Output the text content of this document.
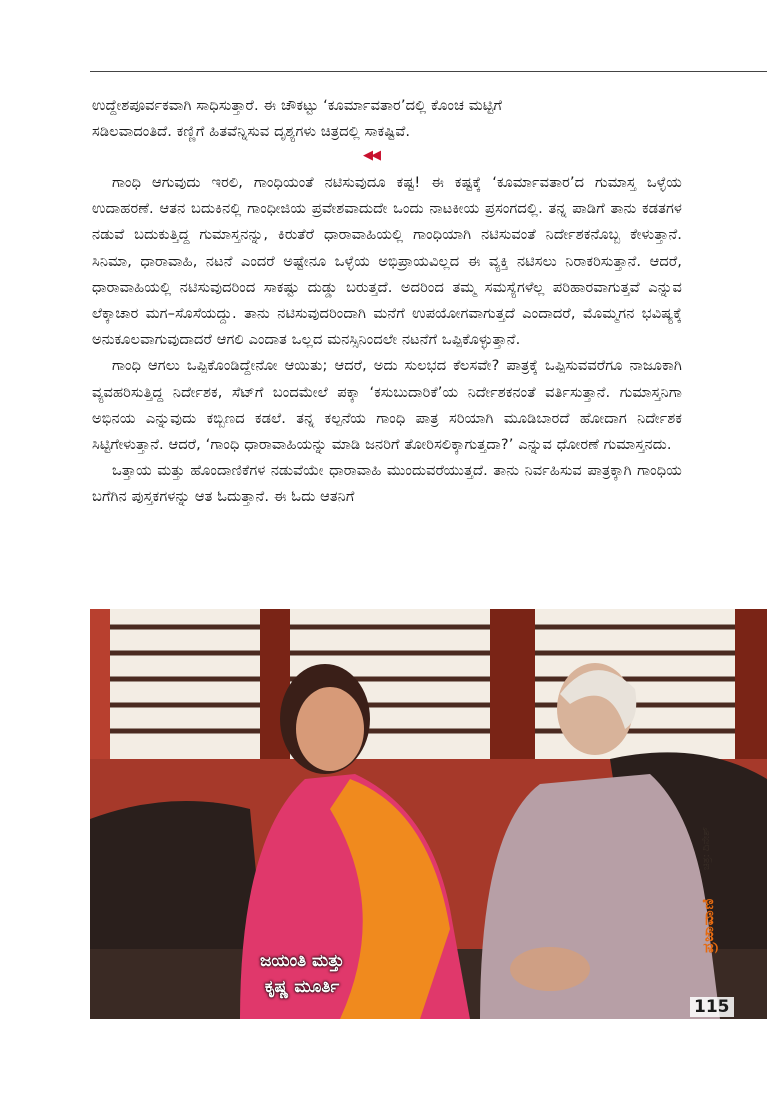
ಉದ್ದೇಶಪೂರ್ವಕವಾಗಿ ಸಾಧಿಸುತ್ತಾರೆ. ಈ ಚೌಕಟ್ಟು ‘ಕೂರ್ಮಾವತಾರ’ದಲ್ಲಿ ಕೊಂಚ ಮಟ್ಟಿಗೆ

ಸಡಿಲವಾದಂತಿದೆ. ಕಣ್ಣಿಗೆ ಹಿತವೆನ್ನಿಸುವ ದೃಶ್ಯಗಳು ಚಿತ್ರದಲ್ಲಿ ಸಾಕಷ್ಟಿವೆ.

◀◀

ಗಾಂಧಿ ಆಗುವುದು ಇರಲಿ, ಗಾಂಧಿಯಂತೆ ನಟಿಸುವುದೂ ಕಷ್ಟ! ಈ ಕಷ್ಟಕ್ಕೆ ‘ಕೂರ್ಮಾವತಾರ’ದ ಗುಮಾಸ್ತ ಒಳ್ಳೆಯ ಉದಾಹರಣೆ. ಆತನ ಬದುಕಿನಲ್ಲಿ ಗಾಂಧೀಜಿಯ ಪ್ರವೇಶವಾದುದೇ ಒಂದು ನಾಟಕೀಯ ಪ್ರಸಂಗದಲ್ಲಿ. ತನ್ನ ಪಾಡಿಗೆ ತಾನು ಕಡತಗಳ ನಡುವೆ ಬದುಕುತ್ತಿದ್ದ ಗುಮಾಸ್ತನನ್ನು, ಕಿರುತೆರೆ ಧಾರಾವಾಹಿಯಲ್ಲಿ ಗಾಂಧಿಯಾಗಿ ನಟಿಸುವಂತೆ ನಿರ್ದೇಶಕನೊಬ್ಬ ಕೇಳುತ್ತಾನೆ. ಸಿನಿಮಾ, ಧಾರಾವಾಹಿ, ನಟನೆ ಎಂದರೆ ಅಷ್ಟೇನೂ ಒಳ್ಳೆಯ ಅಭಿಪ್ರಾಯವಿಲ್ಲದ ಈ ವ್ಯಕ್ತಿ ನಟಿಸಲು ನಿರಾಕರಿಸುತ್ತಾನೆ. ಆದರೆ, ಧಾರಾವಾಹಿಯಲ್ಲಿ ನಟಿಸುವುದರಿಂದ ಸಾಕಷ್ಟು ದುಡ್ಡು ಬರುತ್ತದೆ. ಅದರಿಂದ ತಮ್ಮ ಸಮಸ್ಯೆಗಳೆಲ್ಲ ಪರಿಹಾರವಾಗುತ್ತವೆ ಎನ್ನುವ ಲೆಕ್ಕಾಚಾರ ಮಗ–ಸೊಸೆಯದ್ದು. ತಾನು ನಟಿಸುವುದರಿಂದಾಗಿ ಮನೆಗೆ ಉಪಯೋಗವಾಗುತ್ತದೆ ಎಂದಾದರೆ, ಮೊಮ್ಮಗನ ಭವಿಷ್ಯಕ್ಕೆ ಅನುಕೂಲವಾಗುವುದಾದರೆ ಆಗಲಿ ಎಂದಾತ ಒಲ್ಲದ ಮನಸ್ಸಿನಿಂದಲೇ ನಟನೆಗೆ ಒಪ್ಪಿಕೊಳ್ಳುತ್ತಾನೆ.

ಗಾಂಧಿ ಆಗಲು ಒಪ್ಪಿಕೊಂಡಿದ್ದೇನೋ ಆಯಿತು; ಆದರೆ, ಅದು ಸುಲಭದ ಕೆಲಸವೇ? ಪಾತ್ರಕ್ಕೆ ಒಪ್ಪಿಸುವವರೆಗೂ ನಾಜೂಕಾಗಿ ವ್ಯವಹರಿಸುತ್ತಿದ್ದ ನಿರ್ದೇಶಕ, ಸೆಟ್‌ಗೆ ಬಂದಮೇಲೆ ಪಕ್ಕಾ ‘ಕಸುಬುದಾರಿಕೆ’ಯ ನಿರ್ದೇಶಕನಂತೆ ವರ್ತಿಸುತ್ತಾನೆ. ಗುಮಾಸ್ತನಿಗಾ ಅಭಿನಯ ಎನ್ನುವುದು ಕಬ್ಬಿಣದ ಕಡಲೆ. ತನ್ನ ಕಲ್ಪನೆಯ ಗಾಂಧಿ ಪಾತ್ರ ಸರಿಯಾಗಿ ಮೂಡಿಬಾರದೆ ಹೋದಾಗ ನಿರ್ದೇಶಕ ಸಿಟ್ಟಿಗೇಳುತ್ತಾನೆ. ಆದರೆ, ‘ಗಾಂಧಿ ಧಾರಾವಾಹಿಯನ್ನು ಮಾಡಿ ಜನರಿಗೆ ತೋರಿಸಲಿಕ್ಕಾಗುತ್ತದಾ?’ ಎನ್ನುವ ಧೋರಣೆ ಗುಮಾಸ್ತನದು.

ಒತ್ತಾಯ ಮತ್ತು ಹೊಂದಾಣಿಕೆಗಳ ನಡುವೆಯೇ ಧಾರಾವಾಹಿ ಮುಂದುವರೆಯುತ್ತದೆ. ತಾನು ನಿರ್ವಹಿಸುವ ಪಾತ್ರಕ್ಕಾಗಿ ಗಾಂಧಿಯ ಬಗೆಗಿನ ಪುಸ್ತಕಗಳನ್ನು ಆತ ಓದುತ್ತಾನೆ. ಈ ಓದು ಆತನಿಗೆ

ಚಿತ್ರ: ದಿನೇಶ್
ಪ್ರಜಾವಾಣಿ
ಜಯಂತಿ ಮತ್ತು
ಕೃಷ್ಣ ಮೂರ್ತಿ
115
